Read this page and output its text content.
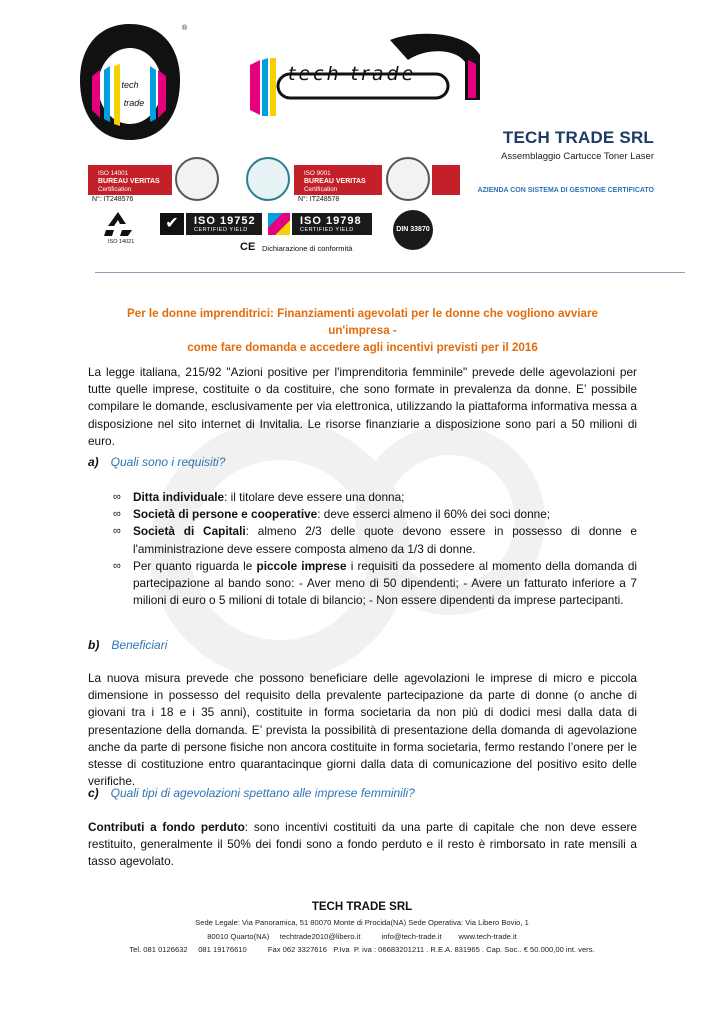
tech
trade
®
tech trade
TECH TRADE SRL
Assemblaggio Cartucce Toner Laser
AZIENDA CON SISTEMA DI GESTIONE CERTIFICATO
ISO 14001
BUREAU VERITAS
Certification
N°: IT248576
ISO 9001
BUREAU VERITAS
Certification
N°: IT248578
ISO 14021
✔	ISO 19752
CERTIFIED YIELD
ISO 19798
CERTIFIED YIELD	DIN 33870
CE Dichiarazione di conformità
Per le donne imprenditrici: Finanziamenti agevolati per le donne che vogliono avviare un'impresa -
come fare domanda e accedere agli incentivi previsti per il 2016
La legge italiana, 215/92 "Azioni positive per l'imprenditoria femminile" prevede delle agevolazioni per tutte quelle imprese, costituite o da costituire, che sono formate in prevalenza da donne. E’ possibile compilare le domande, esclusivamente per via elettronica, utilizzando la piattaforma informativa messa a disposizione nel sito internet di Invitalia. Le risorse finanziarie a disposizione sono pari a 50 milioni di euro.
a) Quali sono i requisiti?
∞ Ditta individuale: il titolare deve essere una donna;
∞ Società di persone e cooperative: deve esserci almeno il 60% dei soci donne;
∞ Società di Capitali: almeno 2/3 delle quote devono essere in possesso di donne e l'amministrazione deve essere composta almeno da 1/3 di donne.
∞ Per quanto riguarda le piccole imprese i requisiti da possedere al momento della domanda di partecipazione al bando sono: - Aver meno di 50 dipendenti; - Avere un fatturato inferiore a 7 milioni di euro o 5 milioni di totale di bilancio; - Non essere dipendenti da imprese partecipanti.
b) Beneficiari
La nuova misura prevede che possono beneficiare delle agevolazioni le imprese di micro e piccola dimensione in possesso del requisito della prevalente partecipazione da parte di donne (o anche di giovani tra i 18 e i 35 anni), costituite in forma societaria da non più di dodici mesi dalla data di presentazione della domanda. E’ prevista la possibilità di presentazione della domanda di agevolazione anche da parte di persone fisiche non ancora costituite in forma societaria, fermo restando l’onere per le stesse di costituzione entro quarantacinque giorni dalla data di comunicazione del positivo esito delle verifiche.
c) Quali tipi di agevolazioni spettano alle imprese femminili?
Contributi a fondo perduto: sono incentivi costituiti da una parte di capitale che non deve essere restituito, generalmente il 50% dei fondi sono a fondo perduto e il resto è rimborsato in rate mensili a tasso agevolato.
TECH TRADE SRL
Sede Legale: Via Panoramica, 51 80070 Monte di Procida(NA) Sede Operativa: Via Libero Bovio, 1
80010 Quarto(NA)     techtrade2010@libero.it          info@tech-trade.it        www.tech-trade.it
Tel. 081 0126632     081 19176610          Fax 062 3327616   P.Iva  P. iva : 06683201211 . R.E.A. 831965 . Cap. Soc.. € 50.000,00 int. vers.
